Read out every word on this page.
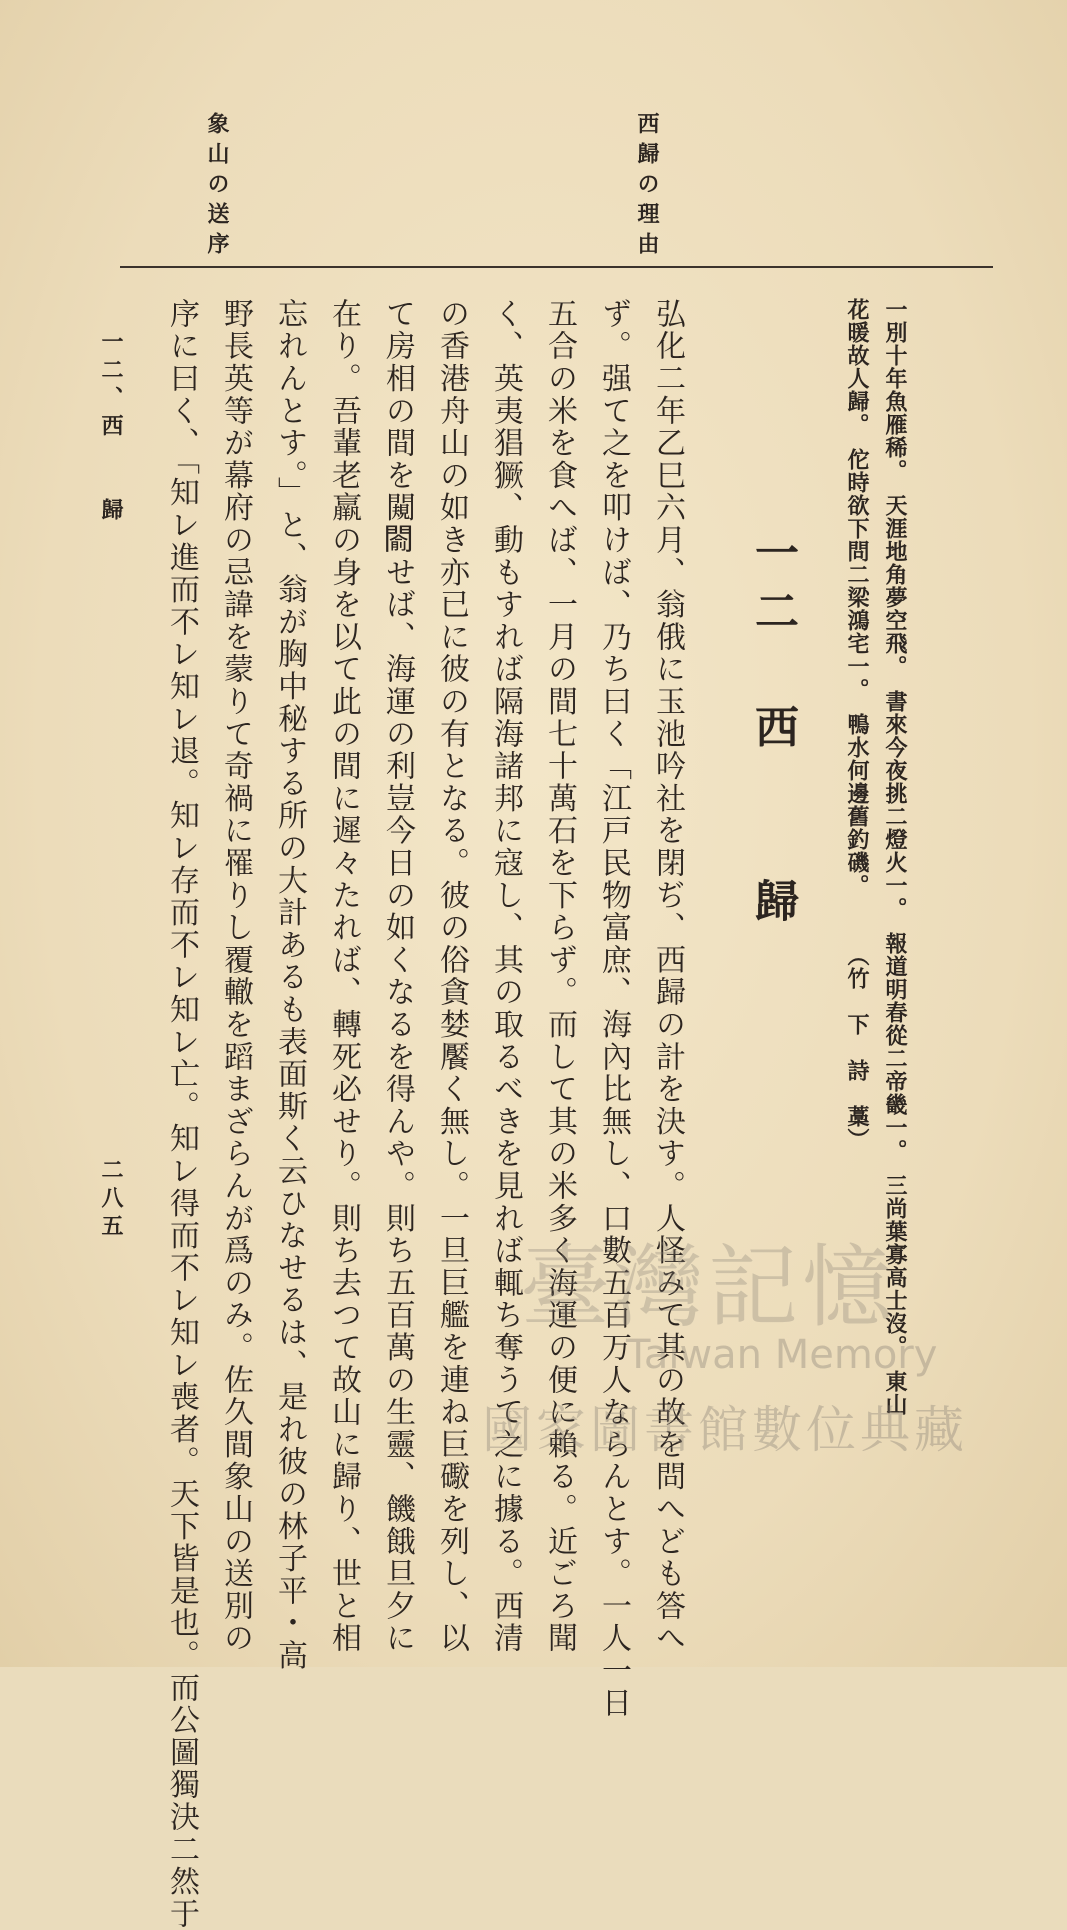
西歸の理由
象山の送序
一別十年魚雁稀。　天涯地角夢空飛。　書來今夜挑二燈火一。　報道明春從二帝畿一。　三尚葉寡高士沒。　東山
花暖故人歸。　佗時欲下問二梁鴻宅一。　鴨水何邊舊釣磯。　　　（竹　下　詩　藁）
一二　西　　歸
弘化二年乙巳六月、翁俄に玉池吟社を閉ぢ、西歸の計を決す。人怪みて其の故を問へども答へ
ず。强て之を叩けば、乃ち曰く「江戸民物富庶、海內比無し、口數五百万人ならんとす。一人一日
五合の米を食へば、一月の間七十萬石を下らず。而して其の米多く海運の便に賴る。近ごろ聞
く、英夷猖獗、動もすれば隔海諸邦に寇し、其の取るべきを見れば輒ち奪うて之に據る。西清
の香港舟山の如き亦已に彼の有となる。彼の俗貪婪饜く無し。一旦巨艦を連ね巨礮を列し、以
て房相の間を闚𨵦せば、海運の利豈今日の如くなるを得んや。則ち五百萬の生靈、饑餓旦夕に
在り。吾輩老羸の身を以て此の間に遲々たれば、轉死必せり。則ち去つて故山に歸り、世と相
忘れんとす。」と、翁が胸中秘する所の大計あるも表面斯く云ひなせるは、是れ彼の林子平・高
野長英等が幕府の忌諱を蒙りて奇禍に罹りし覆轍を蹈まざらんが爲のみ。佐久間象山の送別の
序に曰く、「知レ進而不レ知レ退。知レ存而不レ知レ亡。知レ得而不レ知レ喪者。天下皆是也。而公圖獨決二然于
一二、西　　歸
二八五
臺灣記憶
Taiwan Memory
國家圖書館數位典藏
